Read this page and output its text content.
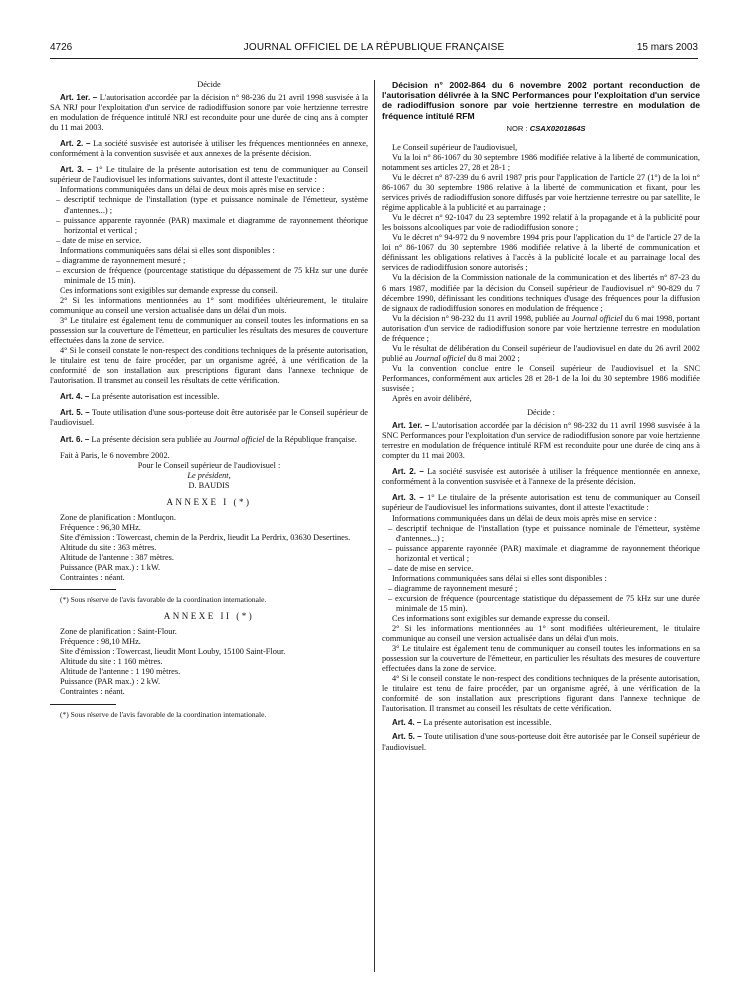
4726	JOURNAL OFFICIEL DE LA RÉPUBLIQUE FRANÇAISE	15 mars 2003

Décide

Art. 1er. – L'autorisation accordée par la décision n° 98-236 du 21 avril 1998 susvisée à la SA NRJ pour l'exploitation d'un service de radiodiffusion sonore par voie hertzienne terrestre en modulation de fréquence intitulé NRJ est reconduite pour une durée de cinq ans à compter du 11 mai 2003.

Art. 2. – La société susvisée est autorisée à utiliser les fréquences mentionnées en annexe, conformément à la convention susvisée et aux annexes de la présente décision.

Art. 3. – 1° Le titulaire de la présente autorisation est tenu de communiquer au Conseil supérieur de l'audiovisuel les informations suivantes, dont il atteste l'exactitude :

Informations communiquées dans un délai de deux mois après mise en service :

– descriptif technique de l'installation (type et puissance nominale de l'émetteur, système d'antennes...) ;

– puissance apparente rayonnée (PAR) maximale et diagramme de rayonnement théorique horizontal et vertical ;

– date de mise en service.

Informations communiquées sans délai si elles sont disponibles :

– diagramme de rayonnement mesuré ;

– excursion de fréquence (pourcentage statistique du dépassement de 75 kHz sur une durée minimale de 15 min).

Ces informations sont exigibles sur demande expresse du conseil.

2° Si les informations mentionnées au 1° sont modifiées ultérieurement, le titulaire communique au conseil une version actualisée dans un délai d'un mois.

3° Le titulaire est également tenu de communiquer au conseil toutes les informations en sa possession sur la couverture de l'émetteur, en particulier les résultats des mesures de couverture effectuées dans la zone de service.

4° Si le conseil constate le non-respect des conditions techniques de la présente autorisation, le titulaire est tenu de faire procéder, par un organisme agréé, à une vérification de la conformité de son installation aux prescriptions figurant dans l'annexe technique de l'autorisation. Il transmet au conseil les résultats de cette vérification.

Art. 4. – La présente autorisation est incessible.

Art. 5. – Toute utilisation d'une sous-porteuse doit être autorisée par le Conseil supérieur de l'audiovisuel.

Art. 6. – La présente décision sera publiée au Journal officiel de la République française.

Fait à Paris, le 6 novembre 2002.

Pour le Conseil supérieur de l'audiovisuel :

Le président,

D. BAUDIS

ANNEXE I (*)

Zone de planification : Montluçon.

Fréquence : 96,30 MHz.

Site d'émission : Towercast, chemin de la Perdrix, lieudit La Perdrix, 03630 Desertines.

Altitude du site : 363 mètres.

Altitude de l'antenne : 387 mètres.

Puissance (PAR max.) : 1 kW.

Contraintes : néant.

(*) Sous réserve de l'avis favorable de la coordination internationale.

ANNEXE II (*)

Zone de planification : Saint-Flour.

Fréquence : 98,10 MHz.

Site d'émission : Towercast, lieudit Mont Louby, 15100 Saint-Flour.

Altitude du site : 1 160 mètres.

Altitude de l'antenne : 1 190 mètres.

Puissance (PAR max.) : 2 kW.

Contraintes : néant.

(*) Sous réserve de l'avis favorable de la coordination internationale.

Décision n° 2002-864 du 6 novembre 2002 portant reconduction de l'autorisation délivrée à la SNC Performances pour l'exploitation d'un service de radiodiffusion sonore par voie hertzienne terrestre en modulation de fréquence intitulé RFM

NOR : CSAX0201864S

Le Conseil supérieur de l'audiovisuel,

Vu la loi n° 86-1067 du 30 septembre 1986 modifiée relative à la liberté de communication, notamment ses articles 27, 28 et 28-1 ;

Vu le décret n° 87-239 du 6 avril 1987 pris pour l'application de l'article 27 (1°) de la loi n° 86-1067 du 30 septembre 1986 relative à la liberté de communication et fixant, pour les services privés de radiodiffusion sonore diffusés par voie hertzienne terrestre ou par satellite, le régime applicable à la publicité et au parrainage ;

Vu le décret n° 92-1047 du 23 septembre 1992 relatif à la propagande et à la publicité pour les boissons alcooliques par voie de radiodiffusion sonore ;

Vu le décret n° 94-972 du 9 novembre 1994 pris pour l'application du 1° de l'article 27 de la loi n° 86-1067 du 30 septembre 1986 modifiée relative à la liberté de communication et définissant les obligations relatives à l'accès à la publicité locale et au parrainage local des services de radiodiffusion sonore autorisés ;

Vu la décision de la Commission nationale de la communication et des libertés n° 87-23 du 6 mars 1987, modifiée par la décision du Conseil supérieur de l'audiovisuel n° 90-829 du 7 décembre 1990, définissant les conditions techniques d'usage des fréquences pour la diffusion de signaux de radiodiffusion sonores en modulation de fréquence ;

Vu la décision n° 98-232 du 11 avril 1998, publiée au Journal officiel du 6 mai 1998, portant autorisation d'un service de radiodiffusion sonore par voie hertzienne terrestre en modulation de fréquence ;

Vu le résultat de délibération du Conseil supérieur de l'audiovisuel en date du 26 avril 2002 publié au Journal officiel du 8 mai 2002 ;

Vu la convention conclue entre le Conseil supérieur de l'audiovisuel et la SNC Performances, conformément aux articles 28 et 28-1 de la loi du 30 septembre 1986 modifiée susvisée ;

Après en avoir délibéré,

Décide :

Art. 1er. – L'autorisation accordée par la décision n° 98-232 du 11 avril 1998 susvisée à la SNC Performances pour l'exploitation d'un service de radiodiffusion sonore par voie hertzienne terrestre en modulation de fréquence intitulé RFM est reconduite pour une durée de cinq ans à compter du 11 mai 2003.

Art. 2. – La société susvisée est autorisée à utiliser la fréquence mentionnée en annexe, conformément à la convention susvisée et à l'annexe de la présente décision.

Art. 3. – 1° Le titulaire de la présente autorisation est tenu de communiquer au Conseil supérieur de l'audiovisuel les informations suivantes, dont il atteste l'exactitude :

Informations communiquées dans un délai de deux mois après mise en service :

– descriptif technique de l'installation (type et puissance nominale de l'émetteur, système d'antennes...) ;

– puissance apparente rayonnée (PAR) maximale et diagramme de rayonnement théorique horizontal et vertical ;

– date de mise en service.

Informations communiquées sans délai si elles sont disponibles :

– diagramme de rayonnement mesuré ;

– excursion de fréquence (pourcentage statistique du dépassement de 75 kHz sur une durée minimale de 15 min).

Ces informations sont exigibles sur demande expresse du conseil.

2° Si les informations mentionnées au 1° sont modifiées ultérieurement, le titulaire communique au conseil une version actualisée dans un délai d'un mois.

3° Le titulaire est également tenu de communiquer au conseil toutes les informations en sa possession sur la couverture de l'émetteur, en particulier les résultats des mesures de couverture effectuées dans la zone de service.

4° Si le conseil constate le non-respect des conditions techniques de la présente autorisation, le titulaire est tenu de faire procéder, par un organisme agréé, à une vérification de la conformité de son installation aux prescriptions figurant dans l'annexe technique de l'autorisation. Il transmet au conseil les résultats de cette vérification.

Art. 4. – La présente autorisation est incessible.

Art. 5. – Toute utilisation d'une sous-porteuse doit être autorisée par le Conseil supérieur de l'audiovisuel.
